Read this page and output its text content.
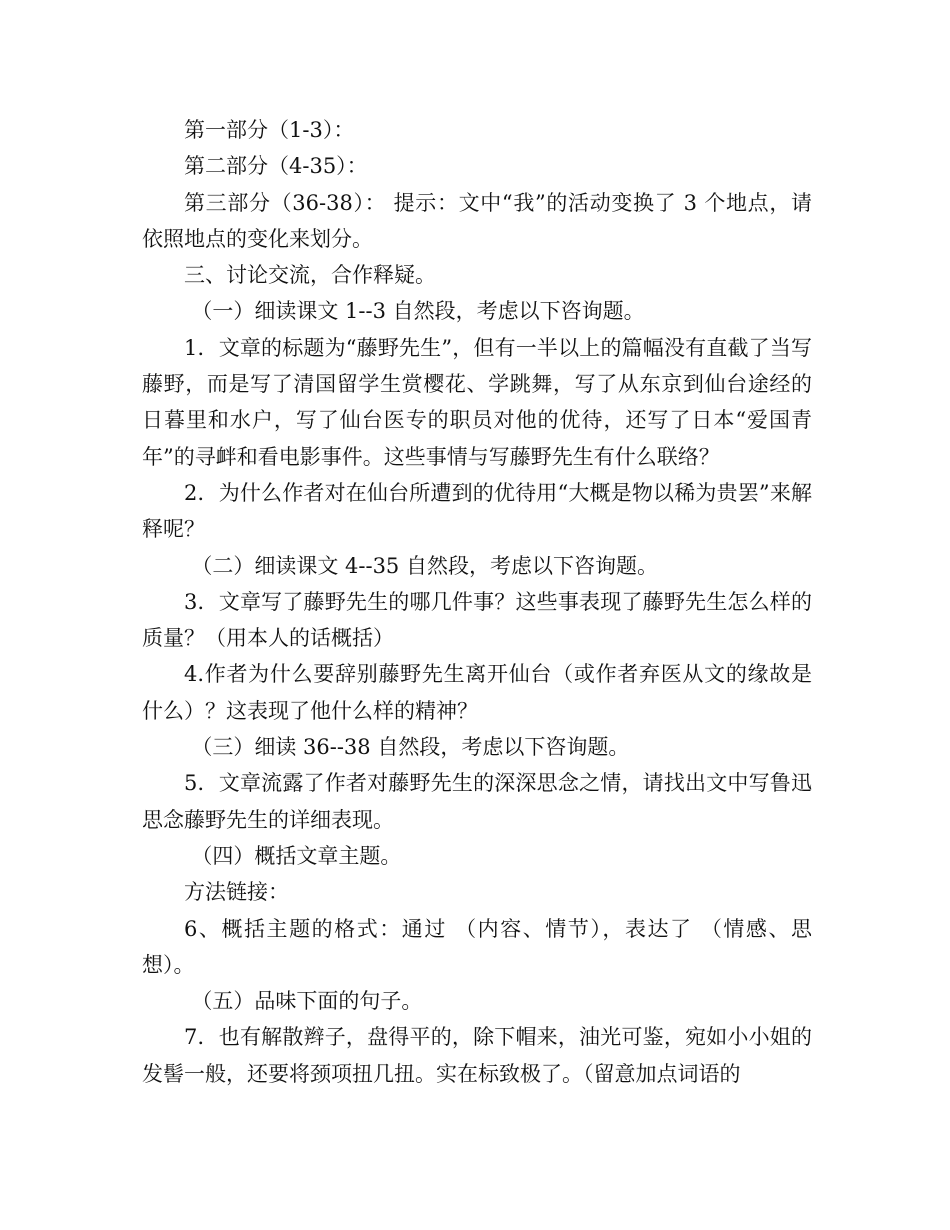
第一部分（1-3）：

第二部分（4-35）：

第三部分（36-38）： 提示：文中“我”的活动变换了 3 个地点，请依照地点的变化来划分。

三、讨论交流，合作释疑。

（一）细读课文 1--3 自然段，考虑以下咨询题。

1．文章的标题为“藤野先生”，但有一半以上的篇幅没有直截了当写藤野，而是写了清国留学生赏樱花、学跳舞，写了从东京到仙台途经的日暮里和水户，写了仙台医专的职员对他的优待，还写了日本“爱国青年”的寻衅和看电影事件。这些事情与写藤野先生有什么联络？

2．为什么作者对在仙台所遭到的优待用“大概是物以稀为贵罢”来解释呢？

（二）细读课文 4--35 自然段，考虑以下咨询题。

3．文章写了藤野先生的哪几件事？这些事表现了藤野先生怎么样的质量？（用本人的话概括）

4.作者为什么要辞别藤野先生离开仙台（或作者弃医从文的缘故是什么）？这表现了他什么样的精神？

（三）细读 36--38 自然段，考虑以下咨询题。

5．文章流露了作者对藤野先生的深深思念之情，请找出文中写鲁迅思念藤野先生的详细表现。

（四）概括文章主题。

方法链接：

6、概括主题的格式：通过 （内容、情节），表达了 （情感、思想）。

（五）品味下面的句子。

7．也有解散辫子，盘得平的，除下帽来，油光可鉴，宛如小小姐的发髻一般，还要将颈项扭几扭。实在标致极了。（留意加点词语的
